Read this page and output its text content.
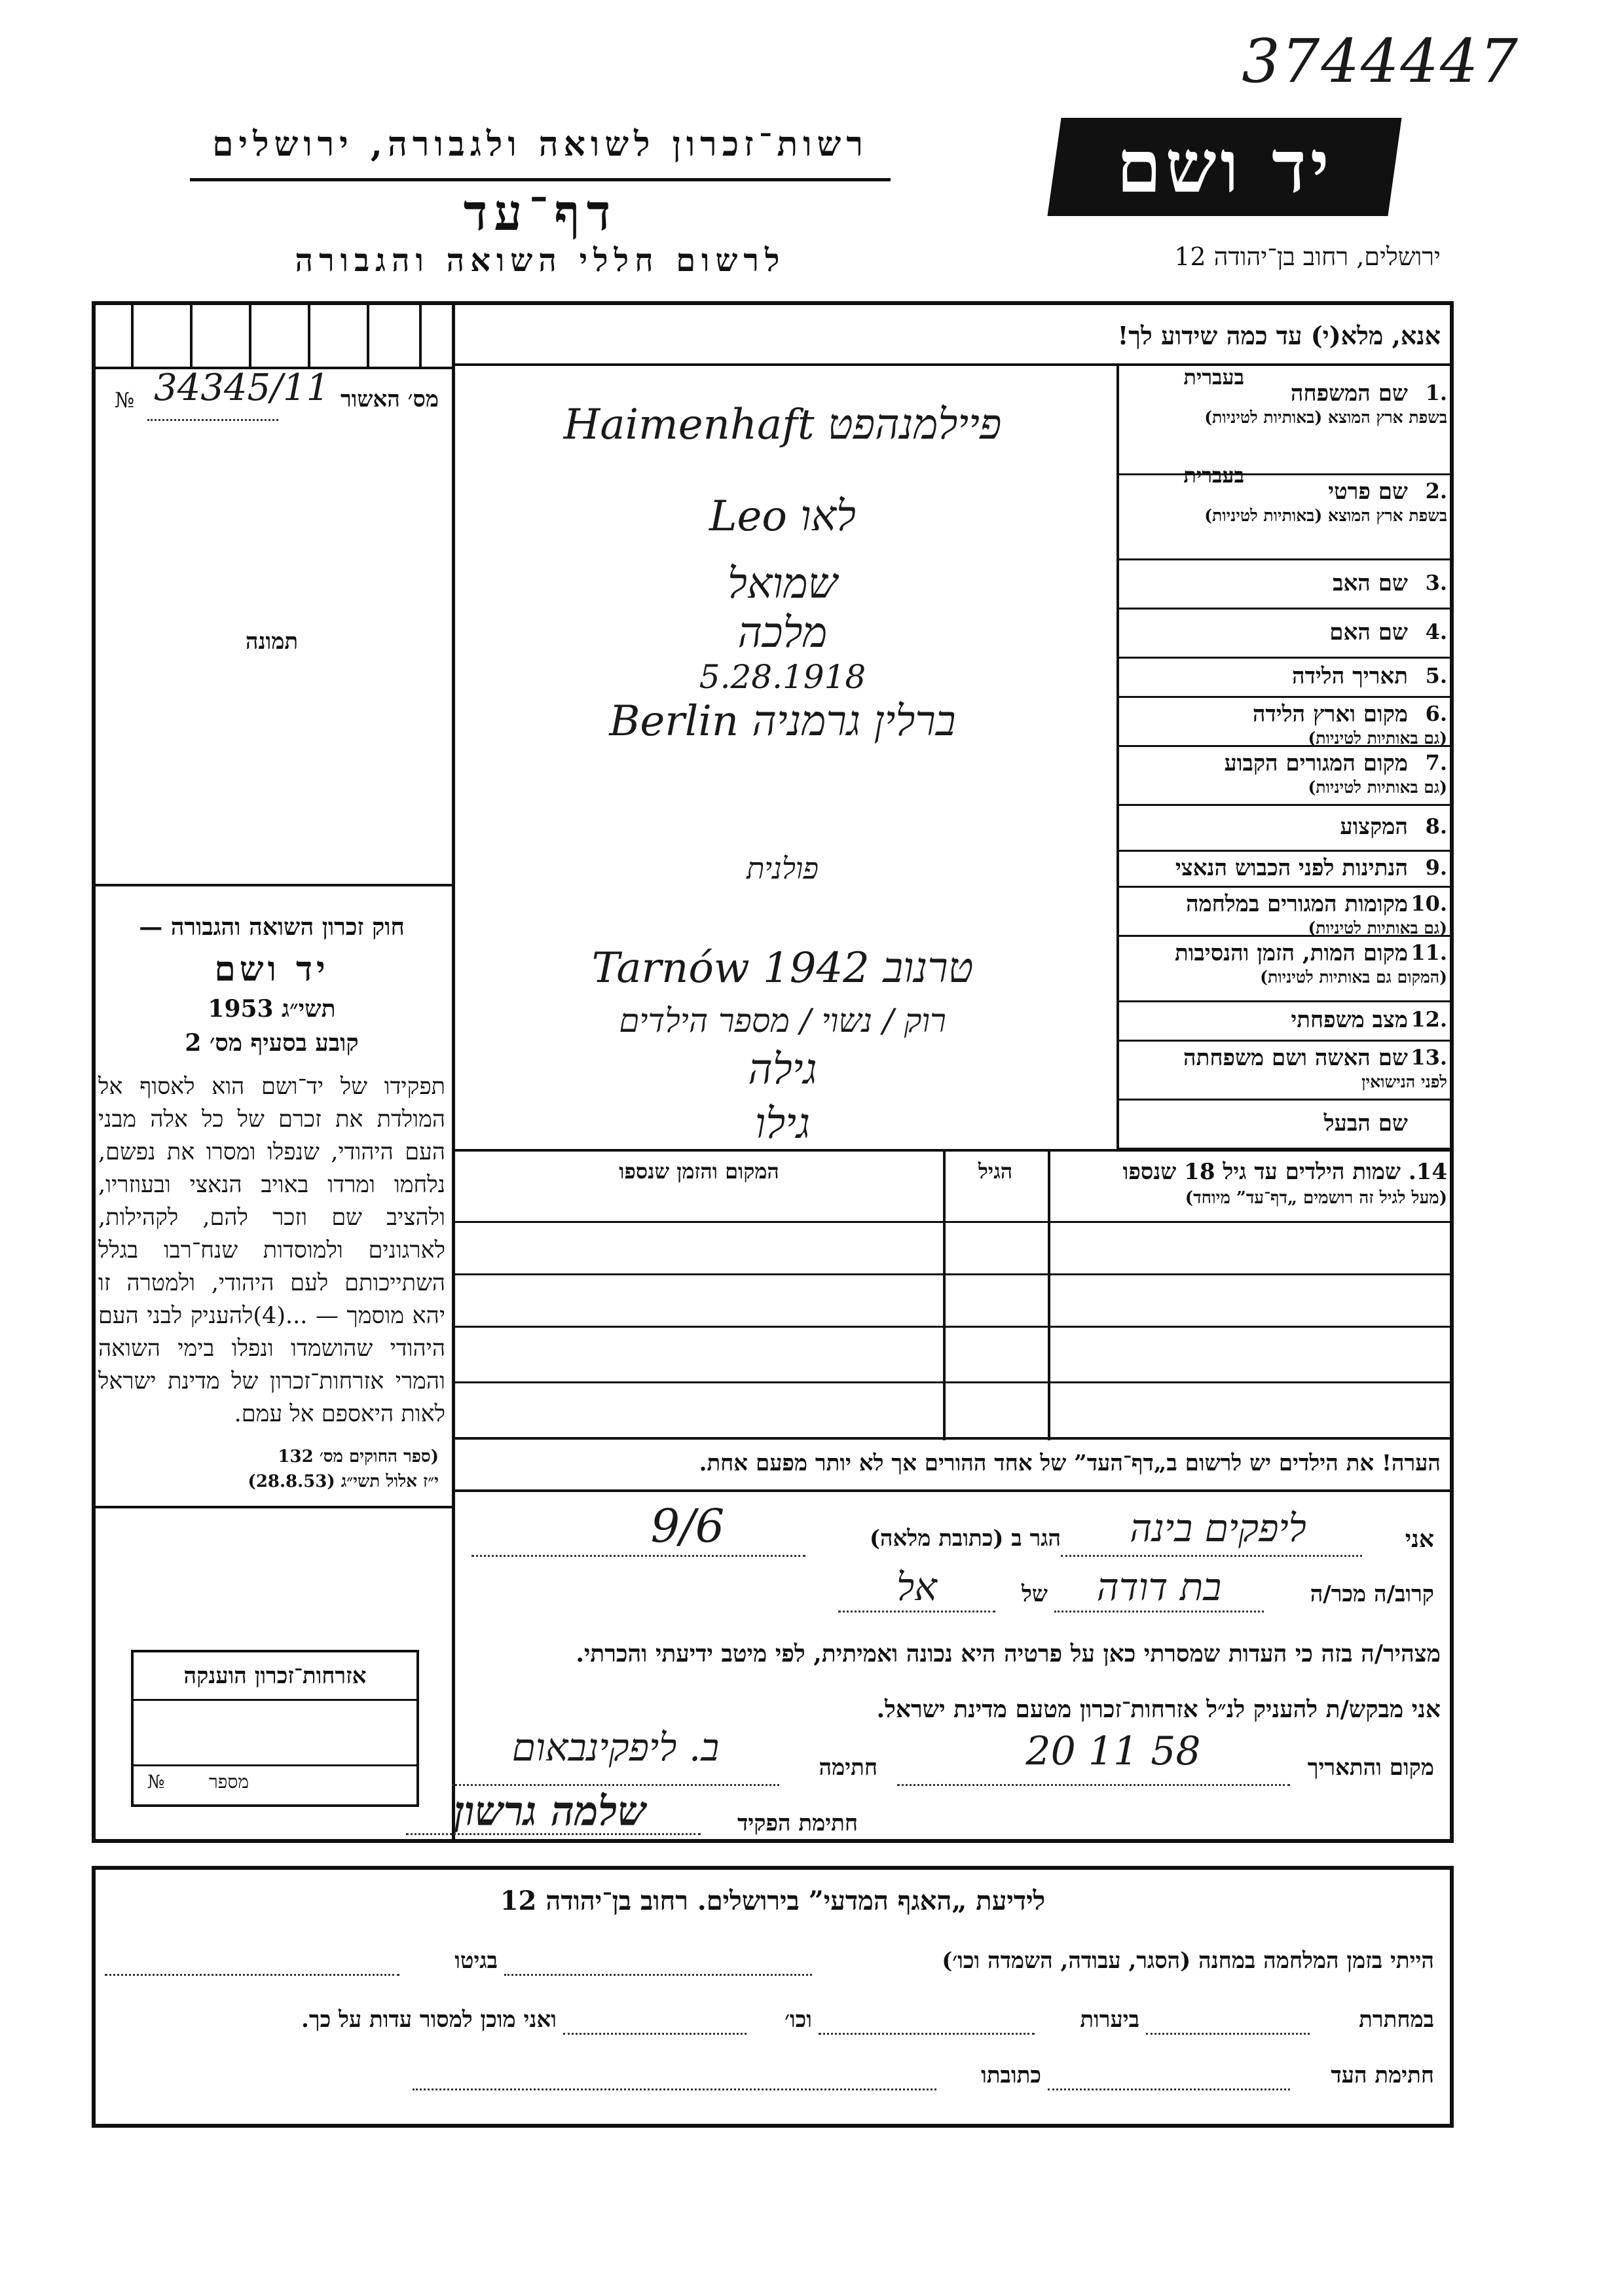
3744447
רשות־זכרון לשואה ולגבורה, ירושלים
דף־עד
לרשום חללי השואה והגבורה
יד ושם
ירושלים, רחוב בן־יהודה 12
אנא, מלא(י) עד כמה שידוע לך!
מס׳ האשור
№ 34345/11
תמונה
חוק זכרון השואה והגבורה —
יד ושם
תשי״ג 1953
קובע בסעיף מס׳ 2
תפקידו של יד־ושם הוא לאסוף אל המולדת את זכרם של כל אלה מבני העם היהודי, שנפלו ומסרו את נפשם, נלחמו ומרדו באויב הנאצי ובעוזריו, ולהציב שם וזכר להם, לקהילות, לארגונים ולמוסדות שנח־רבו בגלל השתייכותם לעם היהודי, ולמטרה זו יהא מוסמך — ...(4)להעניק לבני העם היהודי שהושמדו ונפלו בימי השואה והמרי אזרחות־זכרון של מדינת ישראל לאות היאספם אל עמם.
(ספר החוקים מס׳ 132
י״ז אלול תשי״ג (28.8.53)
אזרחות־זכרון הוענקה
מספר
№
שם המשפחה 1.
בשפת ארץ המוצא (באותיות לטיניות)
בעברית
Haimenhaft פיילמנהפט
שם פרטי 2.
בשפת ארץ המוצא (באותיות לטיניות)
בעברית
Leo לאו
שם האב 3.
שמואל
שם האם 4.
מלכה
תאריך הלידה 5.
5.28.1918
מקום וארץ הלידה 6.
(גם באותיות לטיניות)
Berlin ברלין גרמניה
מקום המגורים הקבוע 7.
(גם באותיות לטיניות)
המקצוע 8.
הנתינות לפני הכבוש הנאצי 9.
פולנית
מקומות המגורים במלחמה 10.
(גם באותיות לטיניות)
מקום המות, הזמן והנסיבות 11.
(המקום גם באותיות לטיניות)
Tarnów טרנוב 1942
מצב משפחתי 12.
רוק / נשוי / מספר הילדים
שם האשה ושם משפחתה 13.
לפני הנישואין
גילה
שם הבעל
גילו
14. שמות הילדים עד גיל 18 שנספו
(מעל לגיל זה רושמים „דף־עד” מיוחד)
הגיל
המקום והזמן שנספו
הערה! את הילדים יש לרשום ב„דף־העד” של אחד ההורים אך לא יותר מפעם אחת.
אני
ליפקים בינה
הגר ב (כתובת מלאה)
9/6
קרוב/ה מכר/ה
בת דודה
של
אל
מצהיר/ה בזה כי העדות שמסרתי כאן על פרטיה היא נכונה ואמיתית, לפי מיטב ידיעתי והכרתי.
אני מבקש/ת להעניק לנ״ל אזרחות־זכרון מטעם מדינת ישראל.
מקום והתאריך
20 11 58
חתימה
ב. ליפקינבאום
חתימת הפקיד
שלמה גרשון
לידיעת „האגף המדעי” בירושלים. רחוב בן־יהודה 12
הייתי בזמן המלחמה במחנה (הסגר, עבודה, השמדה וכו׳)
בגיטו
במחתרת
ביערות
וכו׳
ואני מוכן למסור עדות על כך.
חתימת העד
כתובתו
